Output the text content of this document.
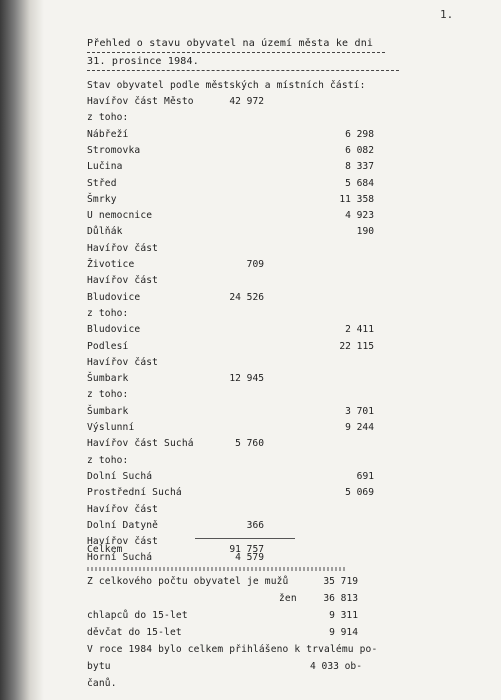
1.
Přehled o stavu obyvatel na území města ke dni
31. prosince 1984.
Stav obyvatel podle městských a místních částí:
Havířov část Město	42 972
z toho:
Nábřeží	6 298
Stromovka	6 082
Lučina	8 337
Střed	5 684
Šmrky	11 358
U nemocnice	4 923
Důlňák	190
Havířov část
Životice	709
Havířov část
Bludovice	24 526
z toho:
Bludovice	2 411
Podlesí	22 115
Havířov část
Šumbark	12 945
z toho:
Šumbark	3 701
Výslunní	9 244
Havířov část Suchá	5 760
z toho:
Dolní Suchá	691
Prostřední Suchá	5 069
Havířov část
Dolní Datyně	366
Havířov část
Horní Suchá	4 579
Celkem	91 757
Z celkového počtu obyvatel je mužů	35 719
žen	36 813
chlapců do 15-let	9 311
děvčat do 15-let	9 914
V roce 1984 bylo celkem přihlášeno k trvalému po-
bytu	4 033 ob-
čanů.
